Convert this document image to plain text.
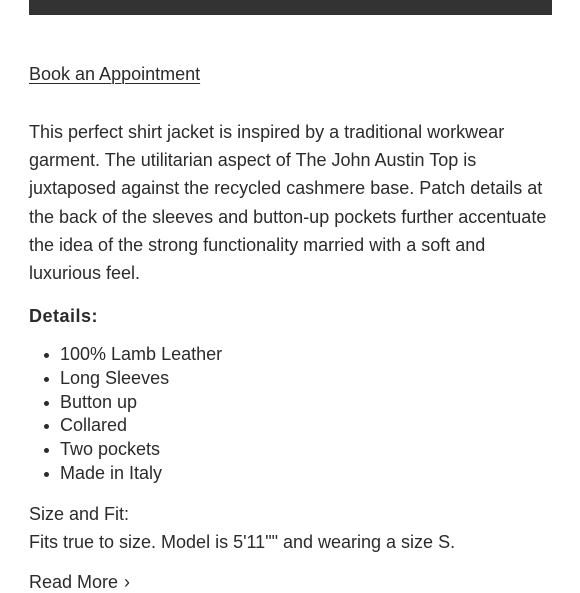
Book an Appointment

This perfect shirt jacket is inspired by a traditional workwear garment. The utilitarian aspect of The John Austin Top is juxtaposed against the recycled cashmere base. Patch details at the back of the sleeves and button-up pockets further accentuate the idea of the strong functionality married with a soft and luxurious feel.

Details:
100% Lamb Leather
Long Sleeves
Button up
Collared
Two pockets
Made in Italy

Size and Fit:

Fits true to size. Model is 5'11"" and wearing a size S.

Read More ›
